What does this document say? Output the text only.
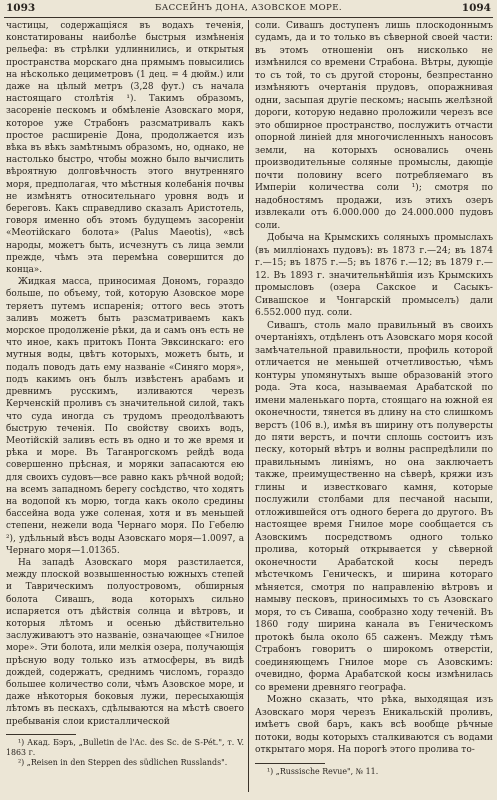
1093	БАССЕЙНЪ ДОНА, АЗОВСКОЕ МОРЕ.	1094

частицы, содержащіяся въ водахъ теченія, констатированы наиболѣе быстрыя измѣненія рельефа: въ стрѣлки удлиннились, и открытыя пространства морскаго дна прямымъ повысились на нѣсколько дециметровъ (1 дец. = 4 дюйм.) или даже на цѣлый метръ (3,28 фут.) съ начала настоящаго столѣтія ¹). Такимъ образомъ, засореніе пескомъ и обмѣленіе Азовскаго моря, которое уже Страбонъ разсматривалъ какъ простое расширеніе Дона, продолжается изъ вѣка въ вѣкъ замѣтнымъ образомъ, но, однако, не настолько быстро, чтобы можно было вычислить вѣроятную долговѣчность этого внутренняго моря, предполагая, что мѣстныя колебанія почвы не измѣнятъ относительнаго уровня водъ и береговъ. Какъ справедливо сказалъ Аристотель, говоря именно объ этомъ будущемъ засореніи «Меотійскаго болота» (Palus Maeotis), «всѣ народы, можетъ быть, исчезнутъ съ лица земли прежде, чѣмъ эта перемѣна совершится до конца».

Жидкая масса, приносимая Дономъ, гораздо больше, по объему, той, которую Азовское море теряетъ путемъ испаренія; оттого весь этотъ заливъ можетъ быть разсматриваемъ какъ морское продолженіе рѣки, да и самъ онъ есть не что иное, какъ притокъ Понта Эвксинскаго: его мутныя воды, цвѣтъ которыхъ, можетъ быть, и подалъ поводъ дать ему названіе «Синяго моря», подъ какимъ онъ былъ извѣстенъ арабамъ и древнимъ русскимъ, изливаются черезъ Керченскій проливъ съ значительной силой, такъ что суда иногда съ трудомъ преодолѣваютъ быструю теченія. По свойству своихъ водъ, Меотійскій заливъ есть въ одно и то же время и рѣка и море. Въ Таганрогскомъ рейдѣ вода совершенно прѣсная, и моряки запасаются ею для своихъ судовъ—все равно какъ рѣчной водой; на всемъ западномъ берегу сосѣдство, что ходятъ на водопой къ морю, тогда какъ около средины бассейна вода уже соленая, хотя и въ меньшей степени, нежели вода Чернаго моря. По Гебелю ²), удѣльный вѣсъ воды Азовскаго моря—1.0097, а Чернаго моря—1.01365.

На западѣ Азовскаго моря разстилается, между плоской возвышенностью южныхъ степей и Таврическимъ полуостровомъ, обширныя болота Сивашъ, вода которыхъ сильно испаряется отъ дѣйствія солнца и вѣтровъ, и которыя лѣтомъ и осенью дѣйствительно заслуживаютъ это названіе, означающее «Гнилое море». Эти болота, или мелкія озера, получающія прѣсную воду только изъ атмосферы, въ видѣ дождей, содержатъ, среднимъ числомъ, гораздо большее количество соли, чѣмъ Азовское море, и даже нѣкоторыя боковыя лужи, пересыхающія лѣтомъ въ пескахъ, сдѣлываются на мѣстѣ своего пребыванія слои кристаллической

¹) Акад. Бэръ, „Bulletin de l'Ac. des Sc. de S-Pét.", т. V. 1863 г.

²) „Reisen in den Steppen des südlichen Russlands".

соли. Сивашъ доступенъ лишь плоскодоннымъ судамъ, да и то только въ сѣверной своей части: въ этомъ отношеніи онъ нисколько не измѣнился со времени Страбона. Вѣтры, дующіе то съ той, то съ другой стороны, безпрестанно измѣняютъ очертанія прудовъ, опоражнивая одни, засыпая другіе пескомъ; насыпь желѣзной дороги, которую недавно проложили черезъ все это обширное пространство, послужитъ отчасти опорной линіей для многочисленныхъ наносовъ земли, на которыхъ основались очень производительные соляные промыслы, дающіе почти половину всего потребляемаго въ Имперіи количества соли ¹); смотря по надобностямъ продажи, изъ этихъ озеръ извлекали отъ 6.000.000 до 24.000.000 пудовъ соли.

Добыча на Крымскихъ соляныхъ промыслахъ (въ милліонахъ пудовъ): въ 1873 г.—24; въ 1874 г.—15; въ 1875 г.—5; въ 1876 г.—12; въ 1879 г.—12. Въ 1893 г. значительнѣйшія изъ Крымскихъ промысловъ (озера Сакское и Сасыкъ-Сивашское и Чонгарскій промыселъ) дали 6.552.000 пуд. соли.

Сивашъ, столь мало правильный въ своихъ очертаніяхъ, отдѣленъ отъ Азовскаго моря косой замѣчательной правильности, профиль которой отличается не меньшей отчетливостью, чѣмъ контуры упомянутыхъ выше образованій этого рода. Эта коса, называемая Арабатской по имени маленькаго порта, стоящаго на южной ея оконечности, тянется въ длину на сто слишкомъ верстъ (106 в.), имѣя въ ширину отъ полуверсты до пяти верстъ, и почти сплошь состоитъ изъ песку, который вѣтръ и волны распредѣлили по правильнымъ линіямъ, но она заключаетъ также, преимущественно на сѣверѣ, кряжи изъ глины и известковаго камня, которые послужили столбами для песчаной насыпи, отложившейся отъ одного берега до другого. Въ настоящее время Гнилое море сообщается съ Азовскимъ посредствомъ одного только пролива, который открывается у сѣверной оконечности Арабатской косы передъ мѣстечкомъ Геническъ, и ширина котораго мѣняется, смотря по направленію вѣтровъ и намыву песковъ, приносимыхъ то съ Азовскаго моря, то съ Сиваша, сообразно ходу теченій. Въ 1860 году ширина канала въ Геническомъ протокѣ была около 65 саженъ. Между тѣмъ Страбонъ говоритъ о широкомъ отверстіи, соединяющемъ Гнилое море съ Азовскимъ: очевидно, форма Арабатской косы измѣнилась со времени древняго географа.

Можно сказать, что рѣка, выходящая изъ Азовскаго моря черезъ Еникальскій проливъ, имѣетъ свой баръ, какъ всѣ вообще рѣчные потоки, воды которыхъ сталкиваются съ водами открытаго моря. На порогѣ этого пролива то-

¹) „Russische Revue", № 11.
